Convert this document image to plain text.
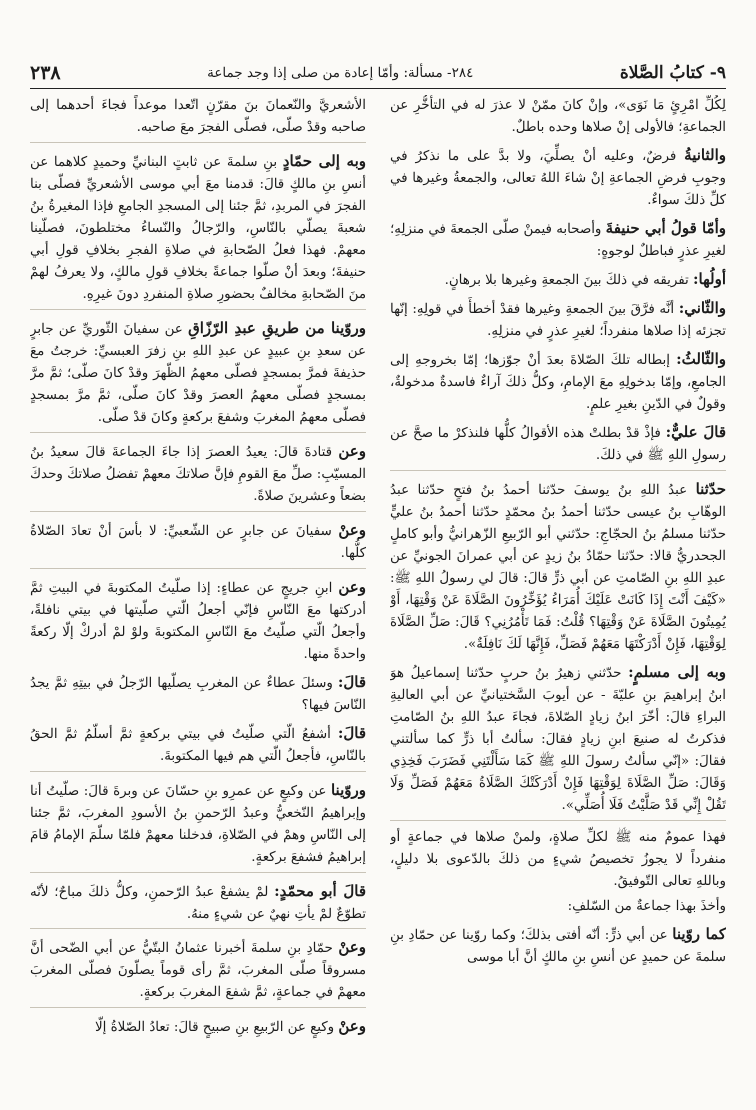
٩- كتابُ الصَّلاة
٢٨٤- مسألة: وأمّا إعادة من صلى إذا وجد جماعة
٢٣٨

لِكُلِّ امْرِئٍ مَا نَوَى»، وإنْ كانَ ممّنْ لا عذرَ له في التأخُّرِ عن الجماعةِ؛ فالأولى إنْ صلاها وحده باطلٌ.

والثانيةُ فرضٌ، وعليه أنْ يصلِّيَ، ولا بدَّ على ما نذكرُ في وجوبِ فرضِ الجماعةِ إنْ شاءَ اللهُ تعالى، والجمعةُ وغيرها في كلِّ ذلكَ سواءٌ.

وأمّا قولُ أبي حنيفةَ وأصحابه فيمنْ صلّى الجمعةَ في منزلِهِ؛ لغيرِ عذرٍ فباطلٌ لوجوهٍ:

أولُها: تفريقه في ذلكَ بينَ الجمعةِ وغيرها بلا برهانٍ.

والثّاني: أنَّه فرَّقَ بينَ الجمعةِ وغيرها فقدْ أخطأَ في قولِهِ: إنّها تجزئه إذا صلاها منفرداً؛ لغيرِ عذرٍ في منزلِهِ.

والثّالثُ: إبطاله تلكَ الصّلاةَ بعدَ أنْ جوّزها؛ إمّا بخروجهِ إلى الجامعِ، وإمّا بدخولِهِ معَ الإمامِ، وكلُّ ذلكَ آراءٌ فاسدةٌ مدخولةٌ، وقولٌ في الدّينِ بغيرِ علمٍ.

قالَ عليٌّ: فإذْ قدْ بطلتْ هذه الأقوالُ كلُّها فلنذكرْ ما صحَّ عن رسولِ اللهِ ﷺ في ذلكَ.

حدّثنا عبدُ اللهِ بنُ يوسفَ حدّثنا أحمدُ بنُ فتحٍ حدّثنا عبدُ الوهّابِ بنُ عيسى حدّثنا أحمدُ بنُ محمّدٍ حدّثنا أحمدُ بنُ عليٍّ حدّثنا مسلمُ بنُ الحجّاجِ: حدّثني أبو الرّبيعِ الزّهرانيُّ وأبو كاملٍ الجحدريُّ قالا: حدّثنا حمّادُ بنُ زيدٍ عن أبي عمرانَ الجونيِّ عن عبدِ اللهِ بنِ الصّامتِ عن أبي ذرٍّ قالَ: قالَ لي رسولُ اللهِ ﷺ: «كَيْفَ أَنْتَ إِذَا كَانَتْ عَلَيْكَ أُمَرَاءُ يُؤَخِّرُونَ الصَّلَاةَ عَنْ وَقْتِهَا، أَوْ يُمِيتُونَ الصَّلَاةَ عَنْ وَقْتِهَا؟ قُلْتُ: فَمَا تَأْمُرُنِي؟ قَالَ: صَلِّ الصَّلَاةَ لِوَقْتِهَا، فَإِنْ أَدْرَكْتَهَا مَعَهُمْ فَصَلِّ، فَإِنَّهَا لَكَ نَافِلَةٌ».

وبه إلى مسلمٍ: حدّثني زهيرُ بنُ حربٍ حدّثنا إسماعيلُ هوَ ابنُ إبراهيمَ بنِ عليّةَ - عن أيوبَ السَّختيانيِّ عن أبي العاليةِ البراءِ قالَ: أخّرَ ابنُ زيادٍ الصّلاةَ، فجاءَ عبدُ اللهِ بنُ الصّامتِ فذكرتُ له صنيعَ ابنِ زيادٍ فقالَ: سألتُ أبا ذرٍّ كما سألتني فقالَ: «إنّي سألتُ رسولَ اللهِ ﷺ كَمَا سَأَلْتَنِي فَضَرَبَ فَخِذِي وَقَالَ: صَلِّ الصَّلَاةَ لِوَقْتِهَا فَإِنْ أَدْرَكَتْكَ الصَّلَاةُ مَعَهُمْ فَصَلِّ وَلَا تَقُلْ إِنِّي قَدْ صَلَّيْتُ فَلَا أُصَلِّي».

فهذا عمومٌ منه ﷺ لكلِّ صلاةٍ، ولمنْ صلاها في جماعةٍ أو منفرداً لا يجوزُ تخصيصُ شيءٍ من ذلكَ بالدّعوى بلا دليلٍ، وباللهِ تعالى التّوفيقُ.

وأخذَ بهذا جماعةٌ من السّلفِ:

كما روّينا عن أبي ذرٍّ: أنّه أفتى بذلكَ؛ وكما روّينا عن حمّادِ بنِ سلمةَ عن حميدٍ عن أنسِ بنِ مالكٍ أنَّ أبا موسى

الأشعريَّ والنّعمانَ بنَ مقرّنٍ اتّعدا موعداً فجاءَ أحدهما إلى صاحبه وقدْ صلّى، فصلّى الفجرَ معَ صاحبه.

وبه إلى حمّادٍ بنِ سلمةَ عن ثابتٍ البنانيِّ وحميدٍ كلاهما عن أنسِ بنِ مالكٍ قالَ: قدمنا معَ أبي موسى الأشعريِّ فصلّى بنا الفجرَ في المربدِ، ثمَّ جئنا إلى المسجدِ الجامعِ فإذا المغيرةُ بنُ شعبةَ يصلّي بالنّاسِ، والرّجالُ والنّساءُ مختلطونَ، فصلّينا معهمْ. فهذا فعلُ الصّحابةِ في صلاةِ الفجرِ بخلافِ قولِ أبي حنيفةَ؛ وبعدَ أنْ صلّوا جماعةً بخلافِ قولِ مالكٍ، ولا يعرفُ لهمْ منَ الصّحابةِ مخالفٌ بحضورِ صلاةِ المنفردِ دونَ غيرِهِ.

وروّينا من طريقِ عبدِ الرّزّاقِ عن سفيانَ الثّوريِّ عن جابرٍ عن سعدِ بنِ عبيدٍ عن عبدِ اللهِ بنِ زفرَ العبسيِّ: خرجتُ معَ حذيفةَ فمرَّ بمسجدٍ فصلّى معهمُ الظّهرَ وقدْ كانَ صلّى؛ ثمَّ مرَّ بمسجدٍ فصلّى معهمُ العصرَ وقدْ كانَ صلّى، ثمَّ مرَّ بمسجدٍ فصلّى معهمُ المغربَ وشفعَ بركعةٍ وكانَ قدْ صلّى.

وعن قتادةَ قالَ: يعيدُ العصرَ إذا جاءَ الجماعةَ قالَ سعيدُ بنُ المسيّبِ: صلِّ معَ القومِ فإنَّ صلاتكَ معهمْ تفضلُ صلاتكَ وحدكَ بضعاً وعشرينَ صلاةً.

وعنْ سفيانَ عن جابرٍ عن الشّعبيِّ: لا بأسَ أنْ تعادَ الصّلاةُ كلُّها.

وعن ابنِ جريجٍ عن عطاءٍ: إذا صلّيتُ المكتوبةَ في البيتِ ثمَّ أدركتها معَ النّاسِ فإنّي أجعلُ الّتي صلّيتها في بيتي نافلةً، وأجعلُ الّتي صلّيتُ معَ النّاسِ المكتوبةَ ولوْ لمْ أدركْ إلّا ركعةً واحدةً منها.

قالَ: وسئلَ عطاءٌ عن المغربِ يصلّيها الرّجلُ في بيتِهِ ثمَّ يجدُ النّاسَ فيها؟

قالَ: أشفعُ الّتي صلّيتُ في بيتي بركعةٍ ثمَّ أسلّمُ ثمَّ الحقُ بالنّاسِ، فأجعلُ الّتي هم فيها المكتوبةَ.

وروّينا عن وكيعٍ عن عمرِو بنِ حسّانَ عن وبرةَ قالَ: صلّيتُ أنا وإبراهيمُ النّخعيُّ وعبدُ الرّحمنِ بنُ الأسودِ المغربَ، ثمَّ جئنا إلى النّاسِ وهمْ في الصّلاةِ، فدخلنا معهمْ فلمّا سلّمَ الإمامُ قامَ إبراهيمُ فشفعَ بركعةٍ.

قالَ أبو محمّدٍ: لمْ يشفعْ عبدُ الرّحمنِ، وكلُّ ذلكَ مباحٌ؛ لأنّه تطوّعٌ لمْ يأتِ نهيٌ عن شيءٍ منهُ.

وعنْ حمّادِ بنِ سلمةَ أخبرنا عثمانُ البتّيُّ عن أبي الضّحى أنَّ مسروقاً صلّى المغربَ، ثمَّ رأى قوماً يصلّونَ فصلّى المغربَ معهمْ في جماعةٍ، ثمَّ شفعَ المغربَ بركعةٍ.

وعنْ وكيعٍ عن الرّبيعِ بنِ صبيحٍ قالَ: تعادُ الصّلاةُ إلّا
